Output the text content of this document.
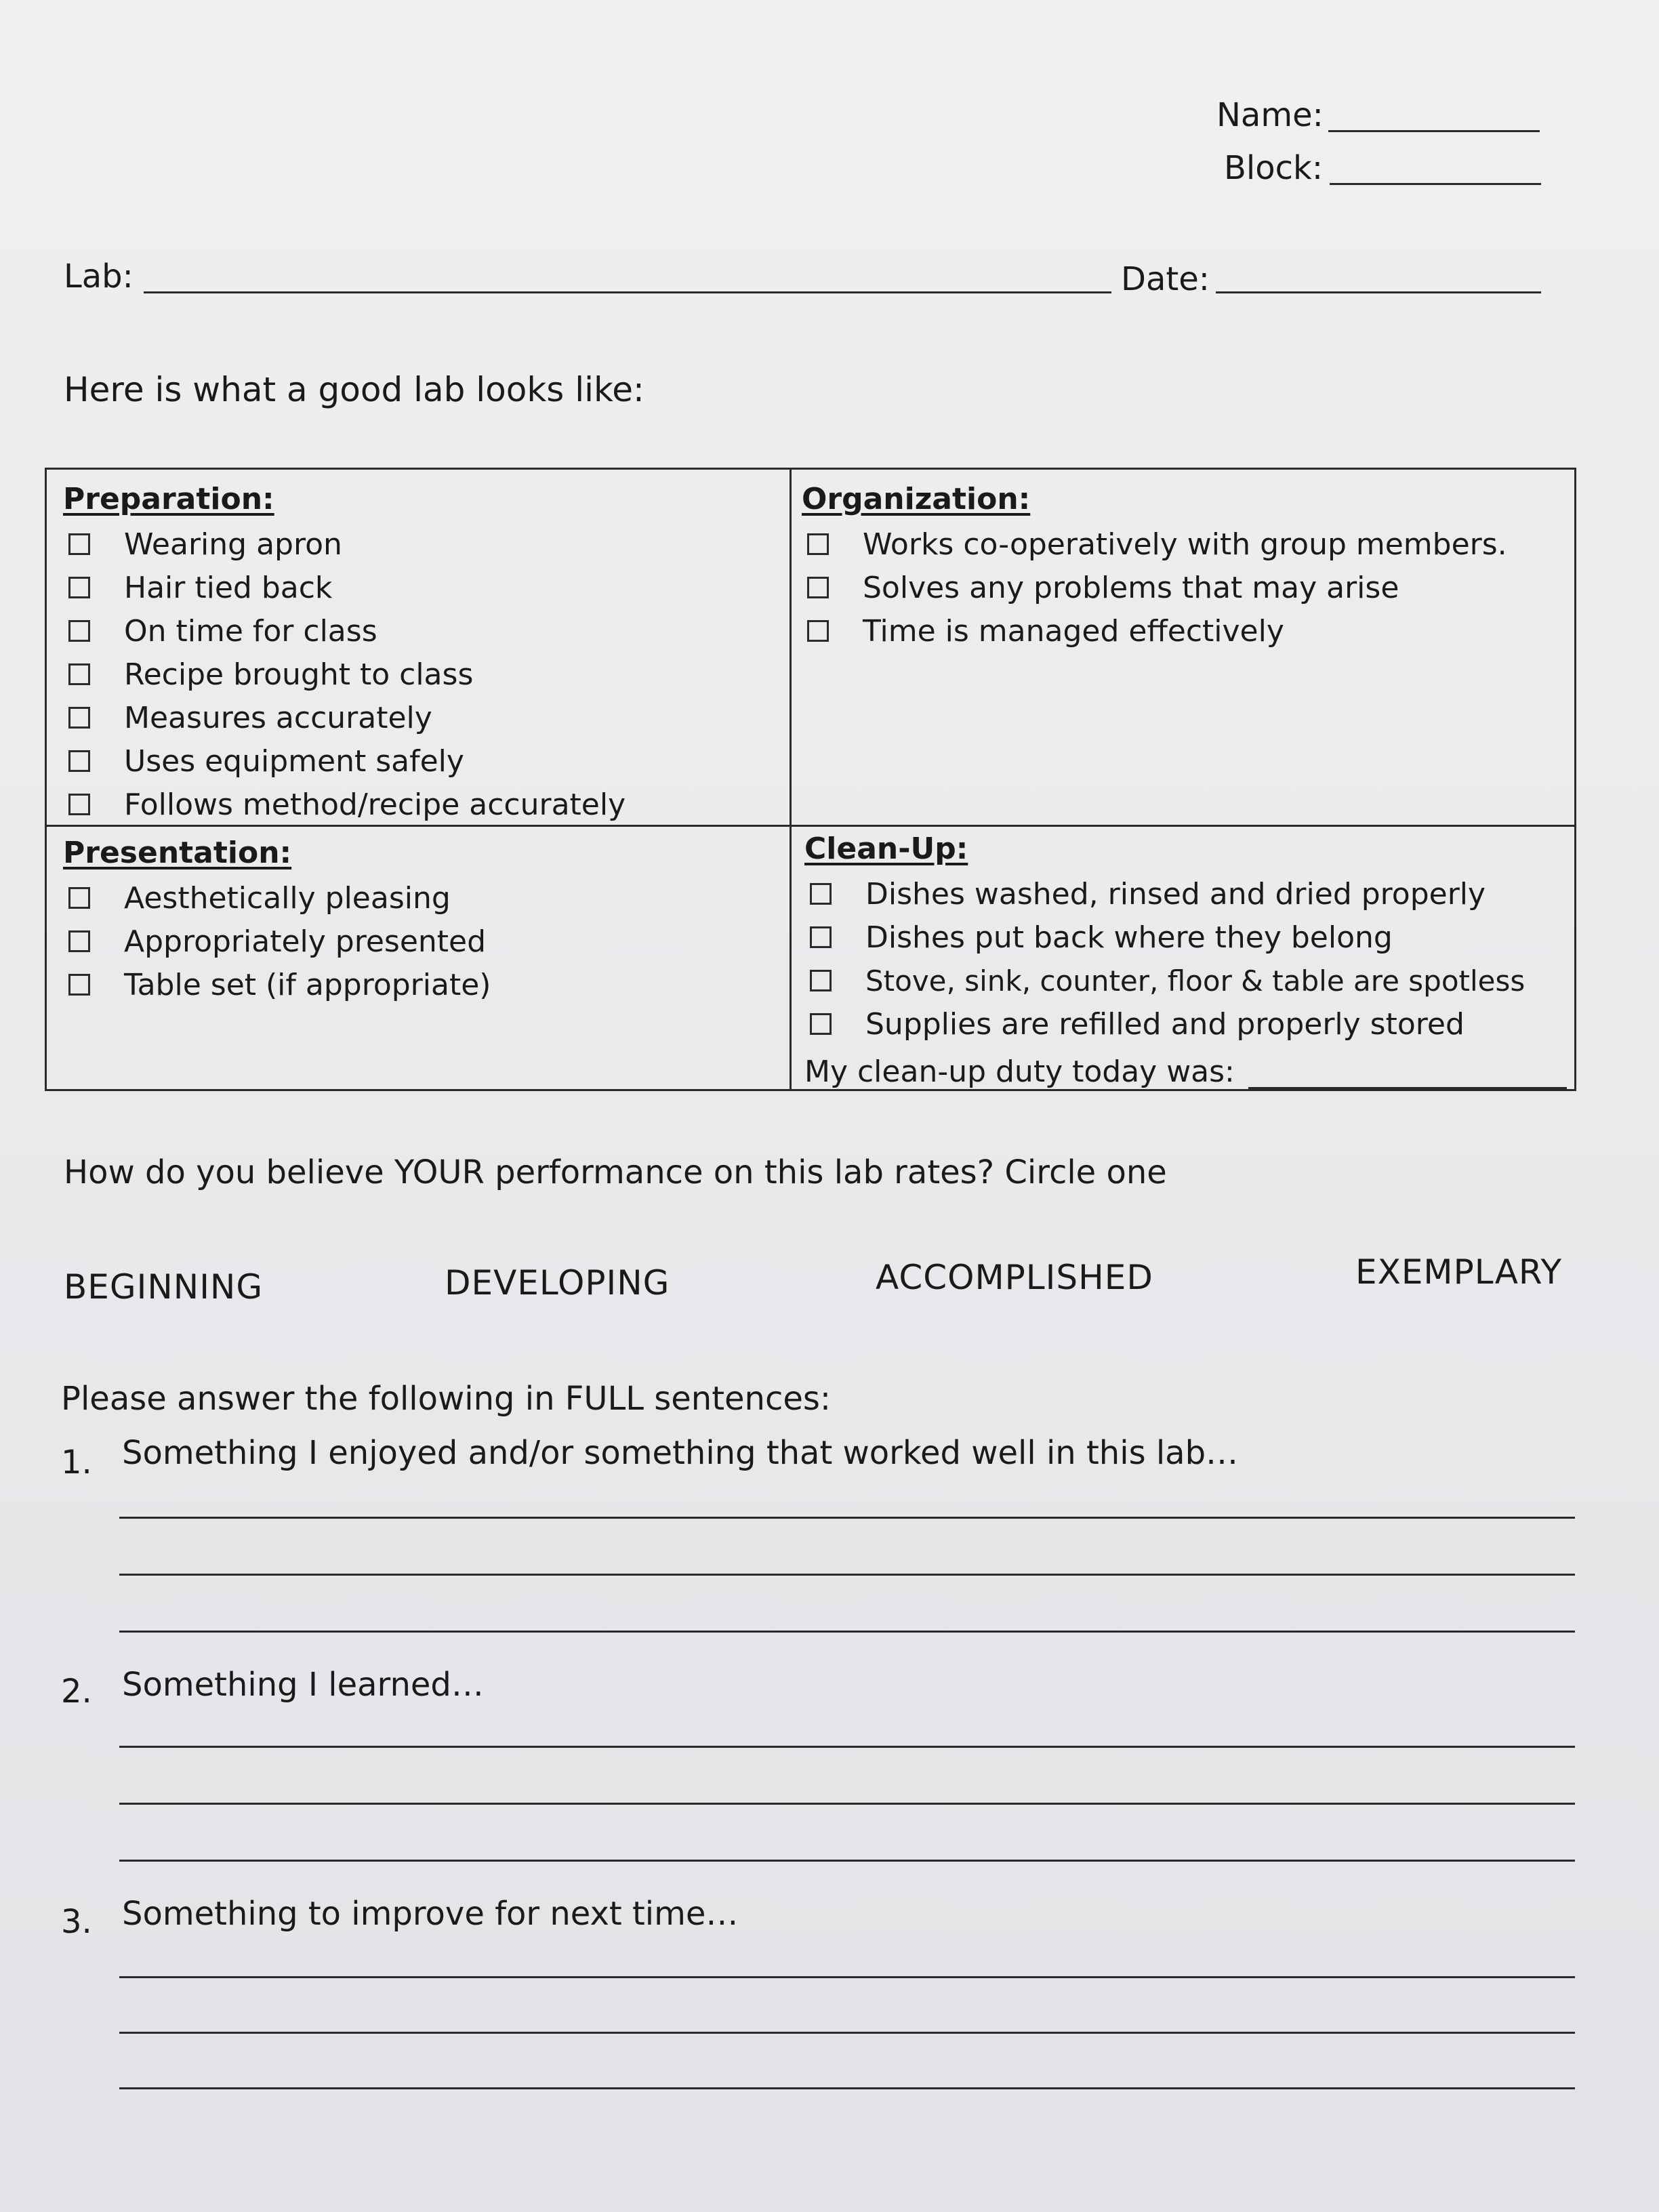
Name:
Block:
Lab:	Date:
Here is what a good lab looks like:
Preparation:
Wearing apron
Hair tied back
On time for class
Recipe brought to class
Measures accurately
Uses equipment safely
Follows method/recipe accurately
Organization:
Works co-operatively with group members.
Solves any problems that may arise
Time is managed effectively
Presentation:
Aesthetically pleasing
Appropriately presented
Table set (if appropriate)
Clean-Up:
Dishes washed, rinsed and dried properly
Dishes put back where they belong
Stove, sink, counter, floor & table are spotless
Supplies are refilled and properly stored
My clean-up duty today was:
How do you believe YOUR performance on this lab rates? Circle one
BEGINNING	DEVELOPING	ACCOMPLISHED	EXEMPLARY
Please answer the following in FULL sentences:
1. Something I enjoyed and/or something that worked well in this lab…
2. Something I learned…
3. Something to improve for next time…
